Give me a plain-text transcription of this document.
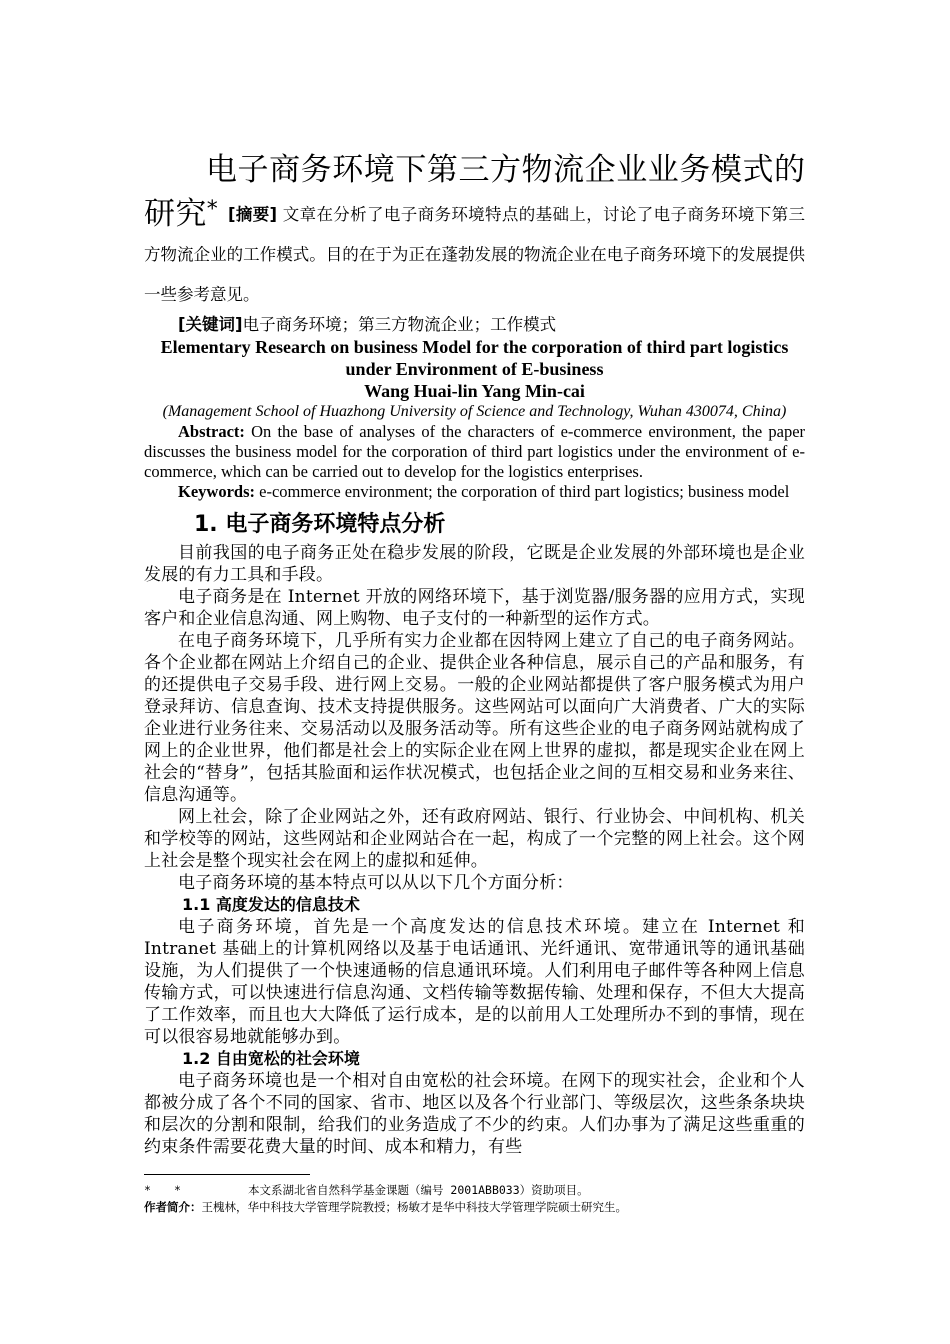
电子商务环境下第三方物流企业业务模式的研究* [摘要] 文章在分析了电子商务环境特点的基础上，讨论了电子商务环境下第三方物流企业的工作模式。目的在于为正在蓬勃发展的物流企业在电子商务环境下的发展提供一些参考意见。

[关键词]电子商务环境；第三方物流企业；工作模式

Elementary Research on business Model for the corporation of third part logistics

under Environment of E-business

Wang Huai-lin Yang Min-cai

(Management School of Huazhong University of Science and Technology, Wuhan 430074, China)

Abstract: On the base of analyses of the characters of e-commerce environment, the paper discusses the business model for the corporation of third part logistics under the environment of e-commerce, which can be carried out to develop for the logistics enterprises.

Keywords: e-commerce environment; the corporation of third part logistics; business model

1. 电子商务环境特点分析

目前我国的电子商务正处在稳步发展的阶段，它既是企业发展的外部环境也是企业发展的有力工具和手段。

电子商务是在 Internet 开放的网络环境下，基于浏览器/服务器的应用方式，实现客户和企业信息沟通、网上购物、电子支付的一种新型的运作方式。

在电子商务环境下，几乎所有实力企业都在因特网上建立了自己的电子商务网站。各个企业都在网站上介绍自己的企业、提供企业各种信息，展示自己的产品和服务，有的还提供电子交易手段、进行网上交易。一般的企业网站都提供了客户服务模式为用户登录拜访、信息查询、技术支持提供服务。这些网站可以面向广大消费者、广大的实际企业进行业务往来、交易活动以及服务活动等。所有这些企业的电子商务网站就构成了网上的企业世界，他们都是社会上的实际企业在网上世界的虚拟，都是现实企业在网上社会的“替身”，包括其脸面和运作状况模式，也包括企业之间的互相交易和业务来往、信息沟通等。

网上社会，除了企业网站之外，还有政府网站、银行、行业协会、中间机构、机关和学校等的网站，这些网站和企业网站合在一起，构成了一个完整的网上社会。这个网上社会是整个现实社会在网上的虚拟和延伸。

电子商务环境的基本特点可以从以下几个方面分析：

1.1 高度发达的信息技术

电子商务环境，首先是一个高度发达的信息技术环境。建立在 Internet 和 Intranet 基础上的计算机网络以及基于电话通讯、光纤通讯、宽带通讯等的通讯基础设施，为人们提供了一个快速通畅的信息通讯环境。人们利用电子邮件等各种网上信息传输方式，可以快速进行信息沟通、文档传输等数据传输、处理和保存，不但大大提高了工作效率，而且也大大降低了运行成本，是的以前用人工处理所办不到的事情，现在可以很容易地就能够办到。

1.2 自由宽松的社会环境

电子商务环境也是一个相对自由宽松的社会环境。在网下的现实社会，企业和个人都被分成了各个不同的国家、省市、地区以及各个行业部门、等级层次，这些条条块块和层次的分割和限制，给我们的业务造成了不少的约束。人们办事为了满足这些重重的约束条件需要花费大量的时间、成本和精力，有些

* *	本文系湖北省自然科学基金课题（编号 2001ABB033）资助项目。
作者简介：王槐林，华中科技大学管理学院教授；杨敏才是华中科技大学管理学院硕士研究生。
